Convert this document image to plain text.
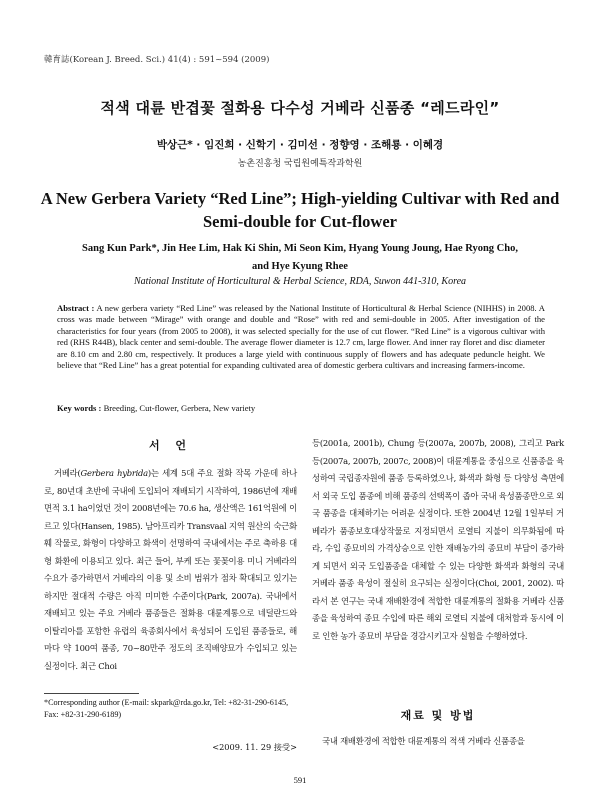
韓育誌(Korean J. Breed. Sci.) 41(4) : 591~594 (2009)
적색 대륜 반겹꽃 절화용 다수성 거베라 신품종 “레드라인”
박상근* · 임진희 · 신학기 · 김미선 · 정향영 · 조해룡 · 이혜경
농촌진흥청 국립원예특작과학원
A New Gerbera Variety “Red Line”; High-yielding Cultivar with Red and
Semi-double for Cut-flower
Sang Kun Park*, Jin Hee Lim, Hak Ki Shin, Mi Seon Kim, Hyang Young Joung, Hae Ryong Cho,
and Hye Kyung Rhee
National Institute of Horticultural & Herbal Science, RDA, Suwon 441-310, Korea
Abstract : A new gerbera variety “Red Line” was released by the National Institute of Horticultural & Herbal Science (NIHHS) in 2008. A cross was made between “Mirage” with orange and double and “Rose” with red and semi-double in 2005. After investigation of the characteristics for four years (from 2005 to 2008), it was selected specially for the use of cut flower. “Red Line” is a vigorous cultivar with red (RHS R44B), black center and semi-double. The average flower diameter is 12.7 cm, large flower. And inner ray floret and disc diameter are 8.10 cm and 2.80 cm, respectively. It produces a large yield with continuous supply of flowers and has adequate peduncle height. We believe that “Red Line” has a great potential for expanding cultivated area of domestic gerbera cultivars and increasing farmers-income.
Key words : Breeding, Cut-flower, Gerbera, New variety
서 언

거베라(Gerbera hybrida)는 세계 5대 주요 절화 작목 가운데 하나로, 80년대 초반에 국내에 도입되어 재배되기 시작하여, 1986년에 재배면적 3.1 ha이었던 것이 2008년에는 70.6 ha, 생산액은 161억원에 이르고 있다(Hansen, 1985). 남아프리카 Transvaal 지역 원산의 숙근화훼 작물로, 화형이 다양하고 화색이 선명하여 국내에서는 주로 축하용 대형 화환에 이용되고 있다. 최근 들어, 부케 또는 꽃꽂이용 미니 거베라의 수요가 증가하면서 거베라의 이용 및 소비 범위가 점차 확대되고 있기는 하지만 절대적 수량은 아직 미미한 수준이다(Park, 2007a). 국내에서 재배되고 있는 주요 거베라 품종들은 절화용 대륜계통으로 네덜란드와 이탈리아를 포함한 유럽의 육종회사에서 육성되어 도입된 품종들로, 해마다 약 100여 품종, 70~80만주 정도의 조직배양묘가 수입되고 있는 실정이다. 최근 Choi

등(2001a, 2001b), Chung 등(2007a, 2007b, 2008), 그리고 Park 등(2007a, 2007b, 2007c, 2008)이 대륜계통을 중심으로 신품종을 육성하여 국립종자원에 품종 등록하였으나, 화색과 화형 등 다양성 측면에서 외국 도입 품종에 비해 품종의 선택폭이 좁아 국내 육성품종만으로 외국 품종을 대체하기는 어려운 실정이다. 또한 2004년 12월 1일부터 거베라가 품종보호대상작물로 지정되면서 로열티 지불이 의무화됨에 따라, 수입 종묘비의 가격상승으로 인한 재배농가의 종묘비 부담이 증가하게 되면서 외국 도입품종을 대체할 수 있는 다양한 화색과 화형의 국내 거베라 품종 육성이 절실히 요구되는 실정이다(Choi, 2001, 2002). 따라서 본 연구는 국내 재배환경에 적합한 대륜계통의 절화용 거베라 신품종을 육성하여 종묘 수입에 따른 해외 로열티 지불에 대처함과 동시에 이로 인한 농가 종묘비 부담을 경감시키고자 실험을 수행하였다.

재료 및 방법
국내 재배환경에 적합한 대륜계통의 적색 거베라 신품종을
*Corresponding author (E-mail: skpark@rda.go.kr, Tel: +82-31-290-6145, Fax: +82-31-290-6189)
<2009. 11. 29 接受>
591
